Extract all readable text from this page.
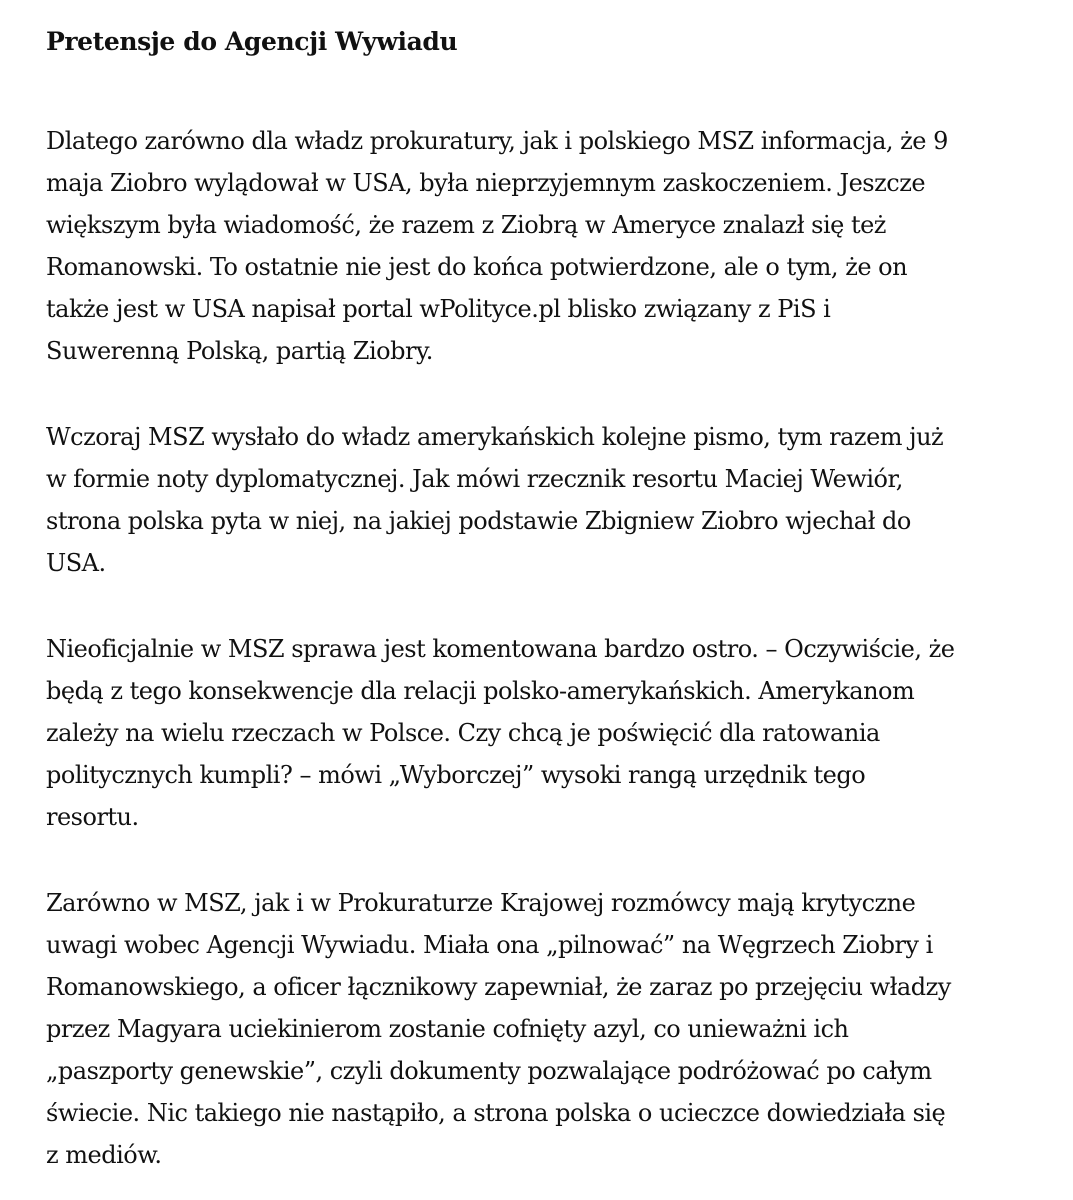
Pretensje do Agencji Wywiadu

Dlatego zarówno dla władz prokuratury, jak i polskiego MSZ informacja, że 9
maja Ziobro wylądował w USA, była nieprzyjemnym zaskoczeniem. Jeszcze
większym była wiadomość, że razem z Ziobrą w Ameryce znalazł się też
Romanowski. To ostatnie nie jest do końca potwierdzone, ale o tym, że on
także jest w USA napisał portal wPolityce.pl blisko związany z PiS i
Suwerenną Polską, partią Ziobry.

Wczoraj MSZ wysłało do władz amerykańskich kolejne pismo, tym razem już
w formie noty dyplomatycznej. Jak mówi rzecznik resortu Maciej Wewiór,
strona polska pyta w niej, na jakiej podstawie Zbigniew Ziobro wjechał do
USA.

Nieoficjalnie w MSZ sprawa jest komentowana bardzo ostro. – Oczywiście, że
będą z tego konsekwencje dla relacji polsko-amerykańskich. Amerykanom
zależy na wielu rzeczach w Polsce. Czy chcą je poświęcić dla ratowania
politycznych kumpli? – mówi „Wyborczej” wysoki rangą urzędnik tego
resortu.

Zarówno w MSZ, jak i w Prokuraturze Krajowej rozmówcy mają krytyczne
uwagi wobec Agencji Wywiadu. Miała ona „pilnować” na Węgrzech Ziobry i
Romanowskiego, a oficer łącznikowy zapewniał, że zaraz po przejęciu władzy
przez Magyara uciekinierom zostanie cofnięty azyl, co unieważni ich
„paszporty genewskie”, czyli dokumenty pozwalające podróżować po całym
świecie. Nic takiego nie nastąpiło, a strona polska o ucieczce dowiedziała się
z mediów.
